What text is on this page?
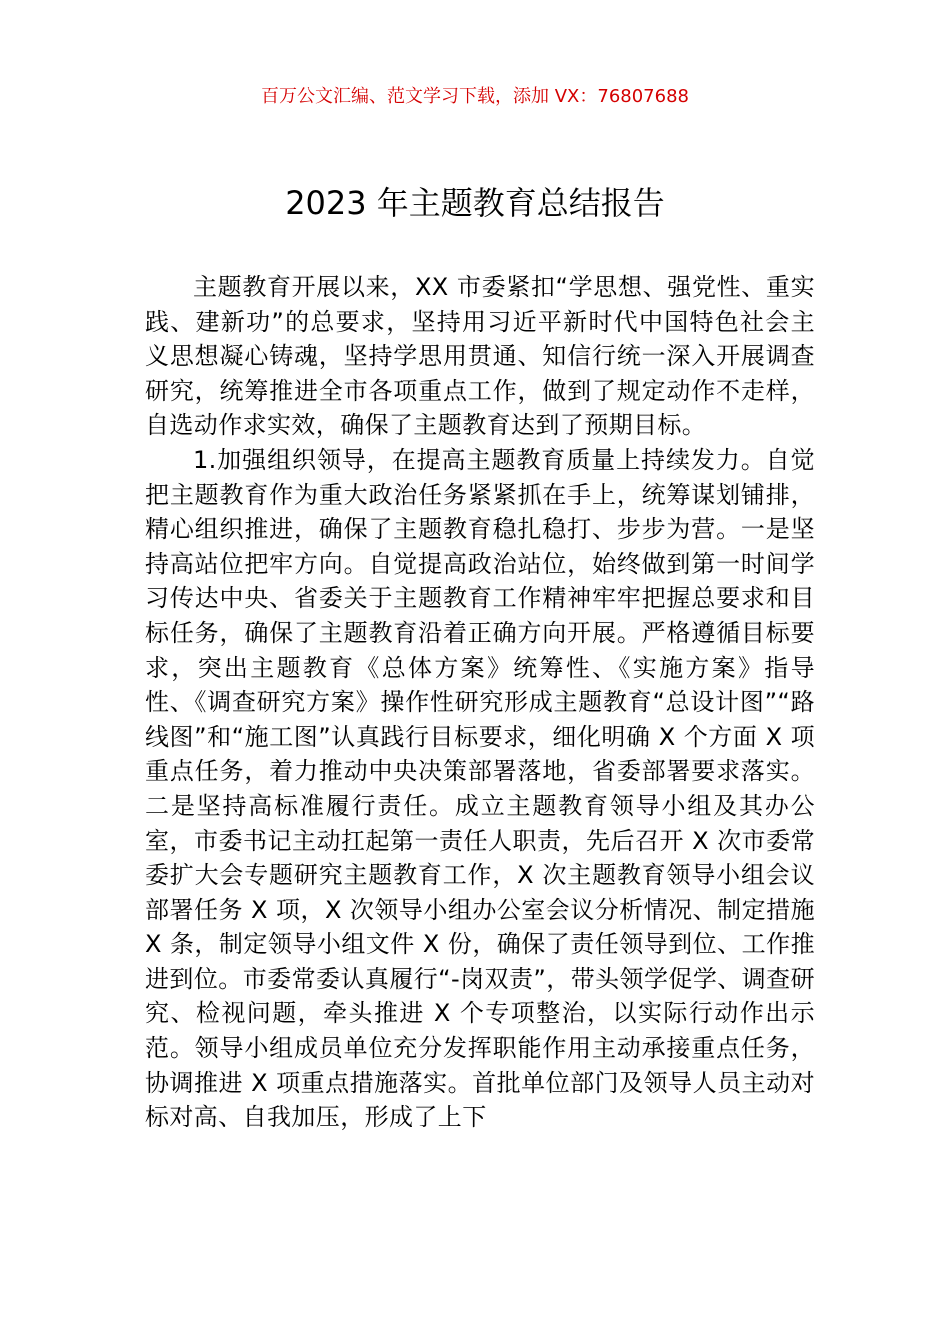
百万公文汇编、范文学习下载，添加 VX：76807688
2023 年主题教育总结报告

主题教育开展以来，XX 市委紧扣“学思想、强党性、重实践、建新功”的总要求，坚持用习近平新时代中国特色社会主义思想凝心铸魂，坚持学思用贯通、知信行统一深入开展调查研究，统筹推进全市各项重点工作，做到了规定动作不走样，自选动作求实效，确保了主题教育达到了预期目标。

1.加强组织领导，在提高主题教育质量上持续发力。自觉把主题教育作为重大政治任务紧紧抓在手上，统筹谋划铺排，精心组织推进，确保了主题教育稳扎稳打、步步为营。一是坚持高站位把牢方向。自觉提高政治站位，始终做到第一时间学习传达中央、省委关于主题教育工作精神牢牢把握总要求和目标任务，确保了主题教育沿着正确方向开展。严格遵循目标要求，突出主题教育《总体方案》统筹性、《实施方案》指导性、《调查研究方案》操作性研究形成主题教育“总设计图”“路线图”和“施工图”认真践行目标要求，细化明确 X 个方面 X 项重点任务，着力推动中央决策部署落地，省委部署要求落实。二是坚持高标准履行责任。成立主题教育领导小组及其办公室，市委书记主动扛起第一责任人职责，先后召开 X 次市委常委扩大会专题研究主题教育工作，X 次主题教育领导小组会议部署任务 X 项，X 次领导小组办公室会议分析情况、制定措施 X 条，制定领导小组文件 X 份，确保了责任领导到位、工作推进到位。市委常委认真履行“-岗双责”，带头领学促学、调查研究、检视问题，牵头推进 X 个专项整治，以实际行动作出示范。领导小组成员单位充分发挥职能作用主动承接重点任务，协调推进 X 项重点措施落实。首批单位部门及领导人员主动对标对高、自我加压，形成了上下
